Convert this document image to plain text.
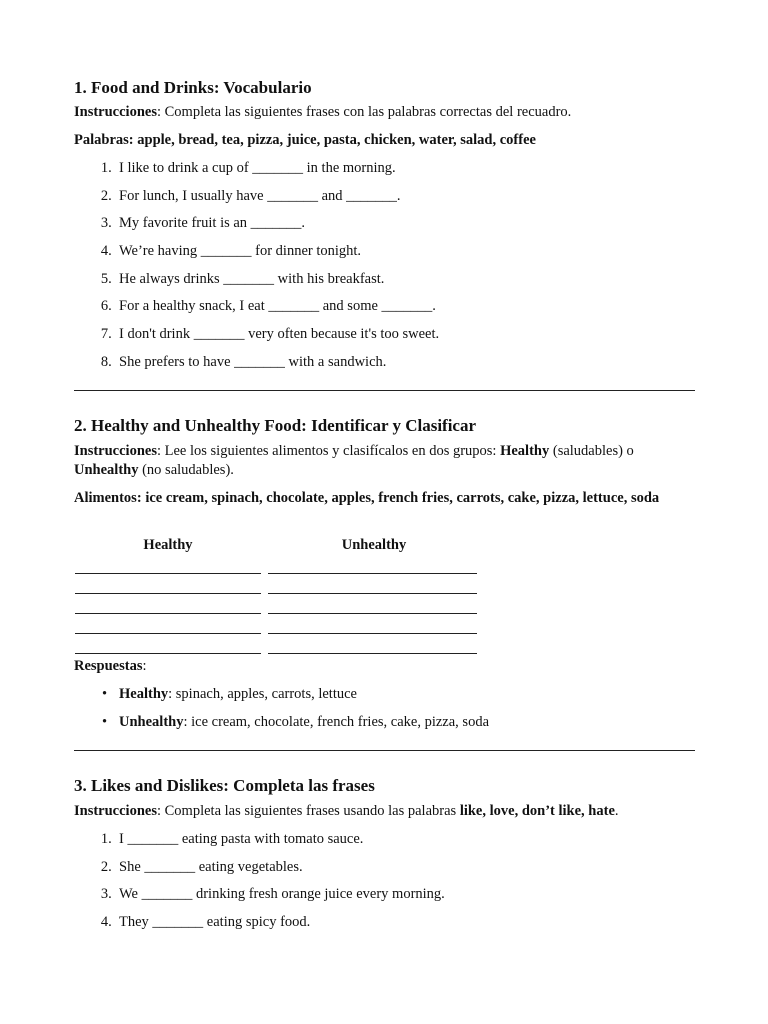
1. Food and Drinks: Vocabulario
Instrucciones: Completa las siguientes frases con las palabras correctas del recuadro.
Palabras: apple, bread, tea, pizza, juice, pasta, chicken, water, salad, coffee
1.  I like to drink a cup of _______ in the morning.
2.  For lunch, I usually have _______ and _______.
3.  My favorite fruit is an _______.
4.  We’re having _______ for dinner tonight.
5.  He always drinks _______ with his breakfast.
6.  For a healthy snack, I eat _______ and some _______.
7.  I don't drink _______ very often because it's too sweet.
8.  She prefers to have _______ with a sandwich.
2. Healthy and Unhealthy Food: Identificar y Clasificar
Instrucciones: Lee los siguientes alimentos y clasifícalos en dos grupos: Healthy (saludables) o Unhealthy (no saludables).
Alimentos: ice cream, spinach, chocolate, apples, french fries, carrots, cake, pizza, lettuce, soda
Healthy	Unhealthy
Respuestas:
• Healthy: spinach, apples, carrots, lettuce
• Unhealthy: ice cream, chocolate, french fries, cake, pizza, soda
3. Likes and Dislikes: Completa las frases
Instrucciones: Completa las siguientes frases usando las palabras like, love, don’t like, hate.
1.  I _______ eating pasta with tomato sauce.
2.  She _______ eating vegetables.
3.  We _______ drinking fresh orange juice every morning.
4.  They _______ eating spicy food.
